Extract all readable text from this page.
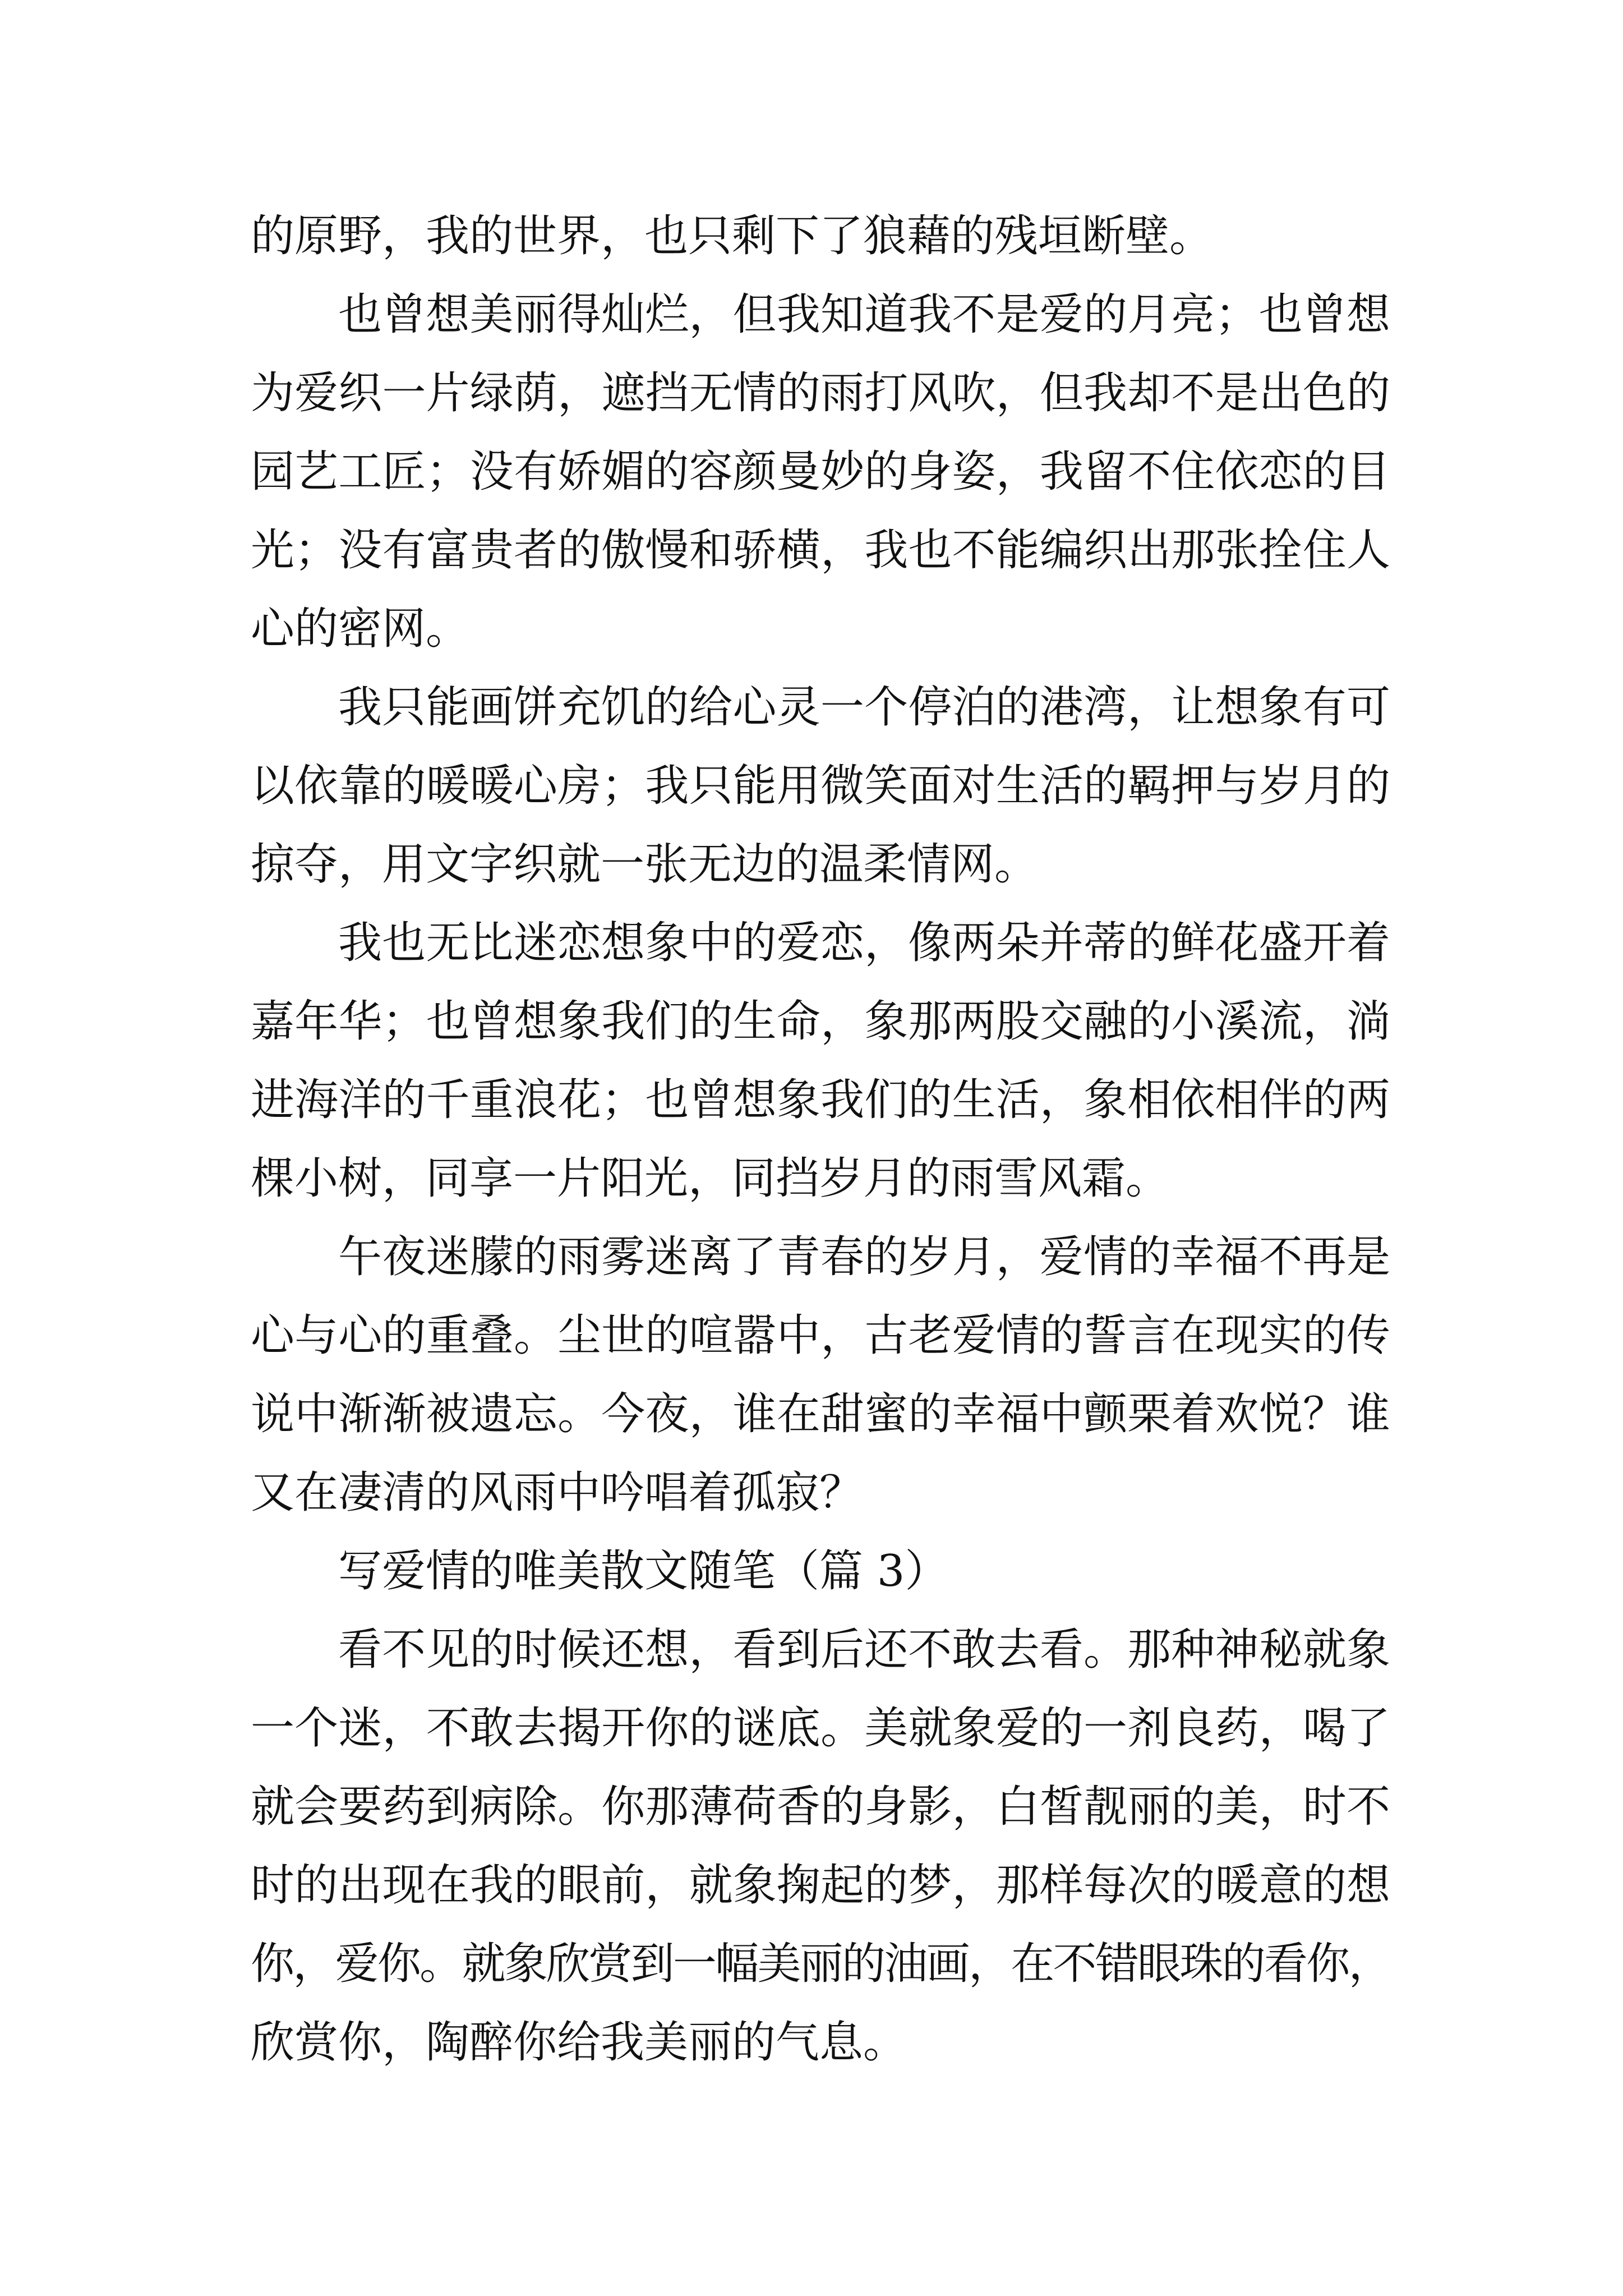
的原野，我的世界，也只剩下了狼藉的残垣断壁。
也曾想美丽得灿烂，但我知道我不是爱的月亮；也曾想
为爱织一片绿荫，遮挡无情的雨打风吹，但我却不是出色的
园艺工匠；没有娇媚的容颜曼妙的身姿，我留不住依恋的目
光；没有富贵者的傲慢和骄横，我也不能编织出那张拴住人
心的密网。
我只能画饼充饥的给心灵一个停泊的港湾，让想象有可
以依靠的暖暖心房；我只能用微笑面对生活的羁押与岁月的
掠夺，用文字织就一张无边的温柔情网。
我也无比迷恋想象中的爱恋，像两朵并蒂的鲜花盛开着
嘉年华；也曾想象我们的生命，象那两股交融的小溪流，淌
进海洋的千重浪花；也曾想象我们的生活，象相依相伴的两
棵小树，同享一片阳光，同挡岁月的雨雪风霜。
午夜迷朦的雨雾迷离了青春的岁月，爱情的幸福不再是
心与心的重叠。尘世的喧嚣中，古老爱情的誓言在现实的传
说中渐渐被遗忘。今夜，谁在甜蜜的幸福中颤栗着欢悦？谁
又在凄清的风雨中吟唱着孤寂？
写爱情的唯美散文随笔（篇 3）
看不见的时候还想，看到后还不敢去看。那种神秘就象
一个迷，不敢去揭开你的谜底。美就象爱的一剂良药，喝了
就会要药到病除。你那薄荷香的身影，白皙靓丽的美，时不
时的出现在我的眼前，就象掬起的梦，那样每次的暖意的想
你，爱你。就象欣赏到一幅美丽的油画，在不错眼珠的看你，
欣赏你，陶醉你给我美丽的气息。
